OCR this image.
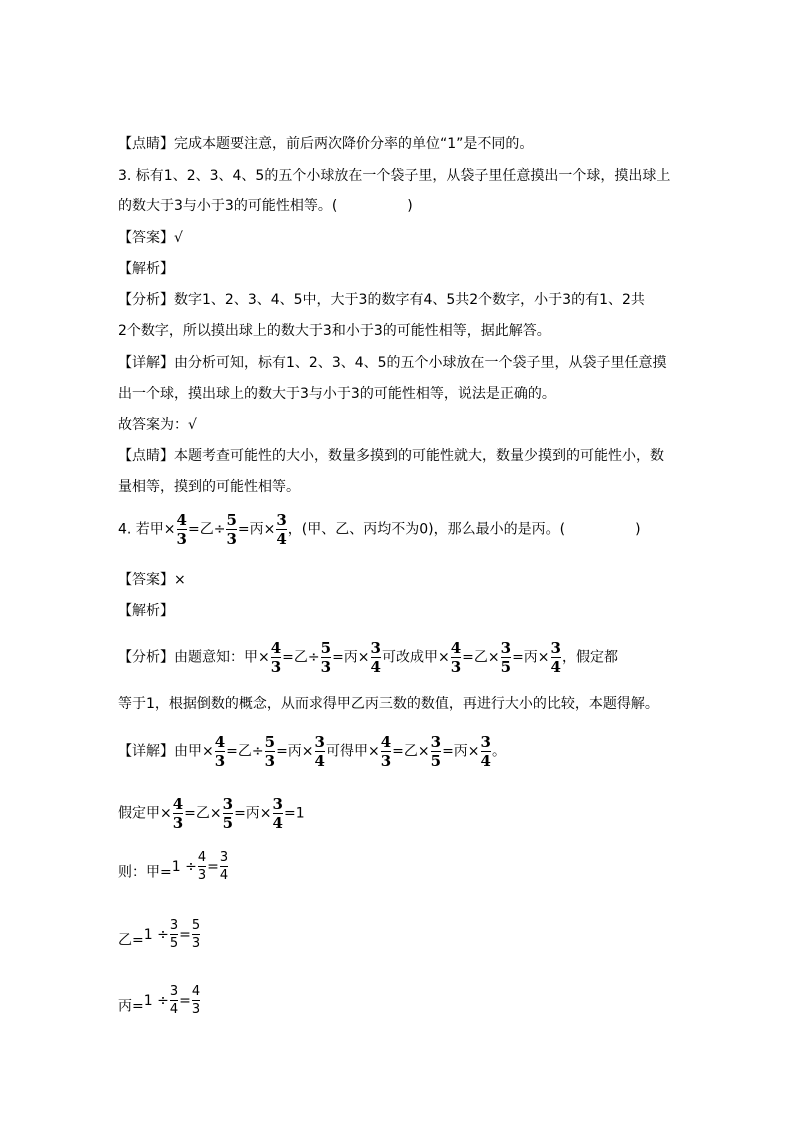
【点睛】完成本题要注意，前后两次降价分率的单位“1”是不同的。
3. 标有1、2、3、4、5的五个小球放在一个袋子里，从袋子里任意摸出一个球，摸出球上
的数大于3与小于3的可能性相等。(　　　　　)
【答案】√
【解析】
【分析】数字1、2、3、4、5中，大于3的数字有4、5共2个数字，小于3的有1、2共
2个数字，所以摸出球上的数大于3和小于3的可能性相等，据此解答。
【详解】由分析可知，标有1、2、3、4、5的五个小球放在一个袋子里，从袋子里任意摸
出一个球，摸出球上的数大于3与小于3的可能性相等，说法是正确的。
故答案为：√
【点睛】本题考查可能性的大小，数量多摸到的可能性就大，数量少摸到的可能性小，数
量相等，摸到的可能性相等。
4. 若甲× $\frac{4}{3}$ =乙÷ $\frac{5}{3}$ =丙× $\frac{3}{4}$ ，(甲、乙、丙均不为0)，那么最小的是丙。(　　　　　)
【答案】×
【解析】
【分析】由题意知：甲× $\frac{4}{3}$ =乙÷ $\frac{5}{3}$ =丙× $\frac{3}{4}$ 可改成甲× $\frac{4}{3}$ =乙× $\frac{3}{5}$ =丙× $\frac{3}{4}$ ，假定都
等于1，根据倒数的概念，从而求得甲乙丙三数的数值，再进行大小的比较，本题得解。
【详解】由甲× $\frac{4}{3}$ =乙÷ $\frac{5}{3}$ =丙× $\frac{3}{4}$ 可得甲× $\frac{4}{3}$ =乙× $\frac{3}{5}$ =丙× $\frac{3}{4}$ 。
假定甲× $\frac{4}{3}$ =乙× $\frac{3}{5}$ =丙× $\frac{3}{4} =1$
则：甲$=1 \div \frac{4}{3} = \frac{3}{4}$
乙$=1 \div \frac{3}{5} = \frac{5}{3}$
丙$=1 \div \frac{3}{4} = \frac{4}{3}$
